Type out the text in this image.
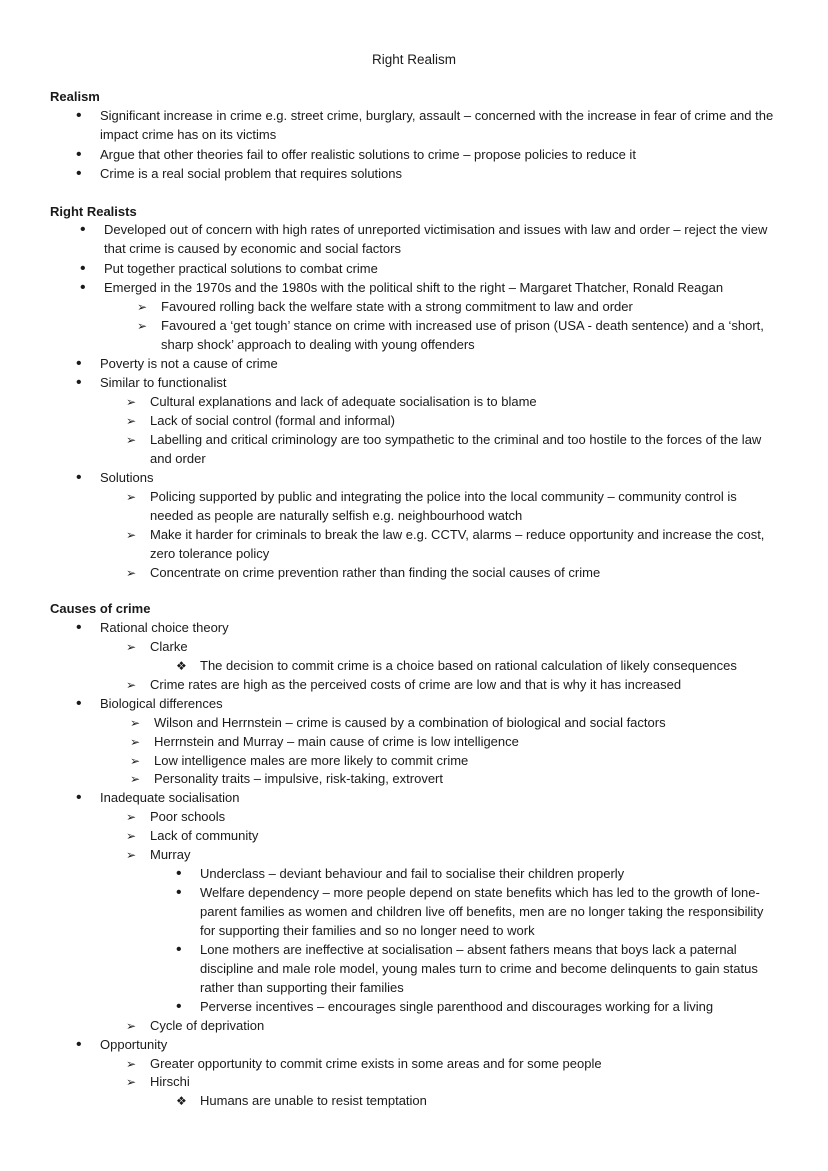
Right Realism
Realism
• Significant increase in crime e.g. street crime, burglary, assault – concerned with the increase in fear of crime and the impact crime has on its victims
• Argue that other theories fail to offer realistic solutions to crime – propose policies to reduce it
• Crime is a real social problem that requires solutions
Right Realists
• Developed out of concern with high rates of unreported victimisation and issues with law and order – reject the view that crime is caused by economic and social factors
• Put together practical solutions to combat crime
• Emerged in the 1970s and the 1980s with the political shift to the right – Margaret Thatcher, Ronald Reagan
➢ Favoured rolling back the welfare state with a strong commitment to law and order
➢ Favoured a ‘get tough’ stance on crime with increased use of prison (USA - death sentence) and a ‘short, sharp shock’ approach to dealing with young offenders
• Poverty is not a cause of crime
• Similar to functionalist
➢ Cultural explanations and lack of adequate socialisation is to blame
➢ Lack of social control (formal and informal)
➢ Labelling and critical criminology are too sympathetic to the criminal and too hostile to the forces of the law and order
• Solutions
➢ Policing supported by public and integrating the police into the local community – community control is needed as people are naturally selfish e.g. neighbourhood watch
➢ Make it harder for criminals to break the law e.g. CCTV, alarms – reduce opportunity and increase the cost, zero tolerance policy
➢ Concentrate on crime prevention rather than finding the social causes of crime
Causes of crime
• Rational choice theory
➢ Clarke
❖ The decision to commit crime is a choice based on rational calculation of likely consequences
➢ Crime rates are high as the perceived costs of crime are low and that is why it has increased
• Biological differences
➢ Wilson and Herrnstein – crime is caused by a combination of biological and social factors
➢ Herrnstein and Murray – main cause of crime is low intelligence
➢ Low intelligence males are more likely to commit crime
➢ Personality traits – impulsive, risk-taking, extrovert
• Inadequate socialisation
➢ Poor schools
➢ Lack of community
➢ Murray
• Underclass – deviant behaviour and fail to socialise their children properly
• Welfare dependency – more people depend on state benefits which has led to the growth of lone-parent families as women and children live off benefits, men are no longer taking the responsibility for supporting their families and so no longer need to work
• Lone mothers are ineffective at socialisation – absent fathers means that boys lack a paternal discipline and male role model, young males turn to crime and become delinquents to gain status rather than supporting their families
• Perverse incentives – encourages single parenthood and discourages working for a living
➢ Cycle of deprivation
• Opportunity
➢ Greater opportunity to commit crime exists in some areas and for some people
➢ Hirschi
❖ Humans are unable to resist temptation
